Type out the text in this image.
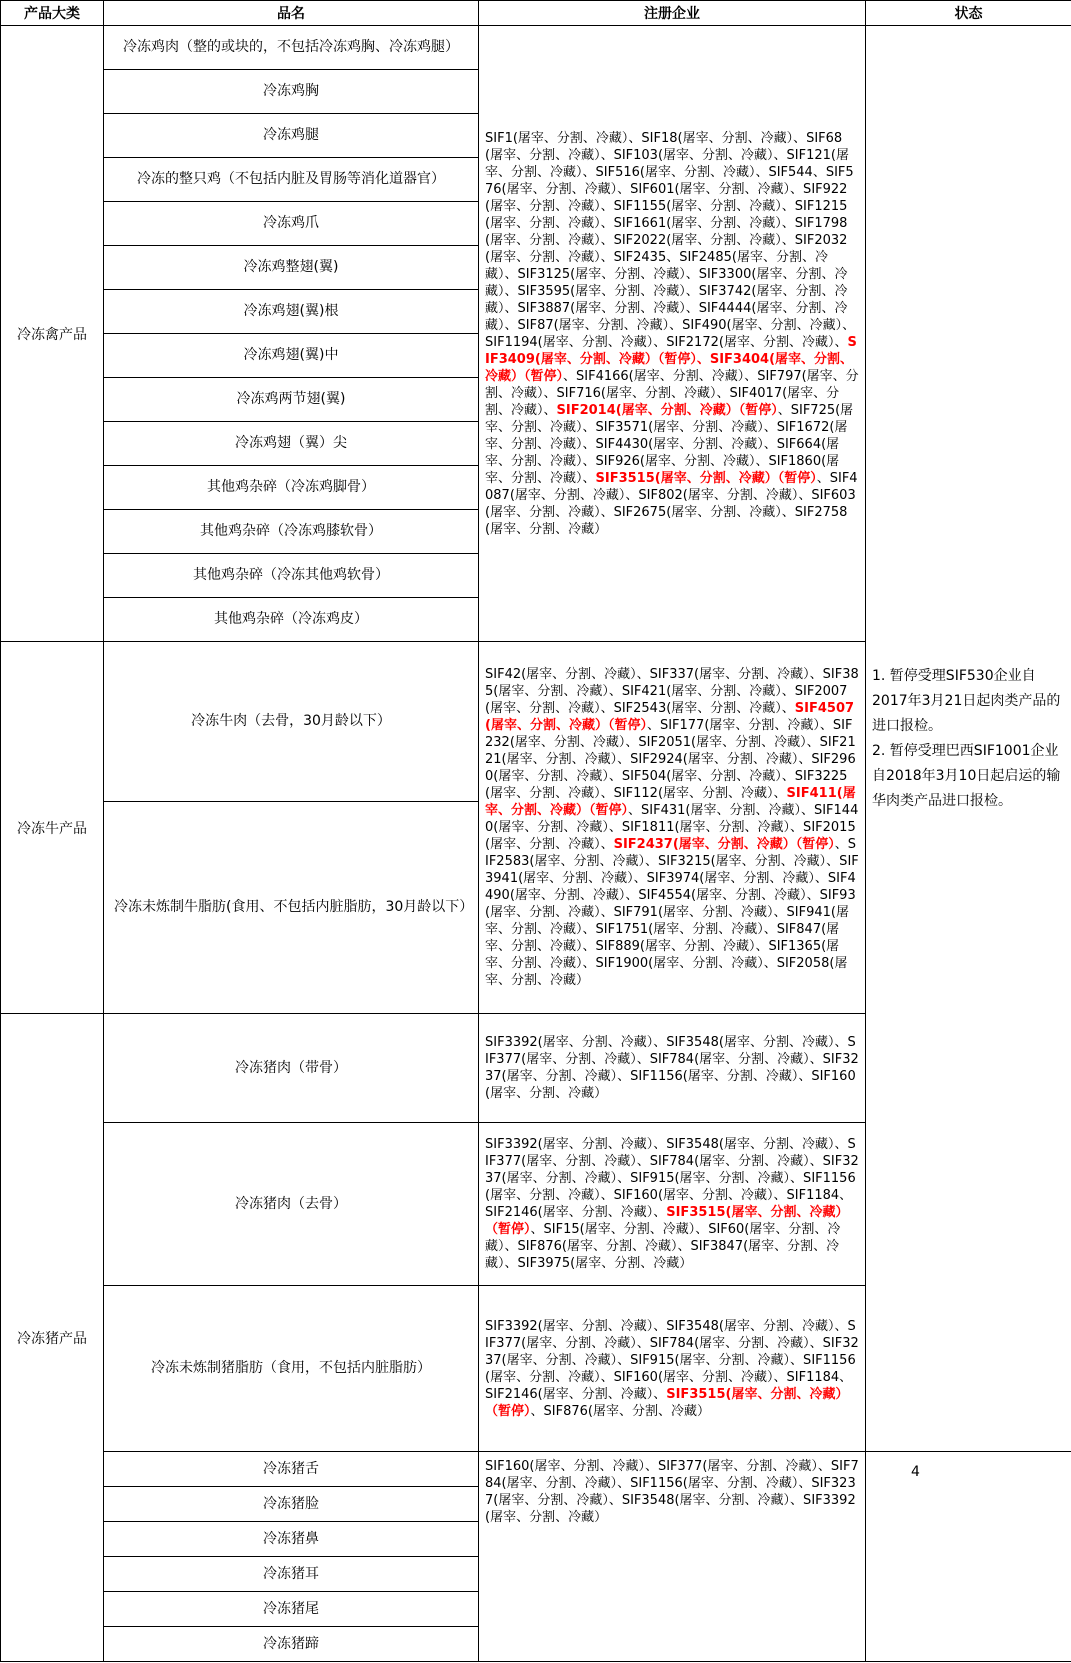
产品大类	品名	注册企业	状态
冷冻禽产品	冷冻鸡肉（整的或块的，不包括冷冻鸡胸、冷冻鸡腿）	SIF1(屠宰、分割、冷藏）、SIF18(屠宰、分割、冷藏）、SIF68(屠宰、分割、冷藏）、SIF103(屠宰、分割、冷藏）、SIF121(屠宰、分割、冷藏）、SIF516(屠宰、分割、冷藏）、SIF544、SIF576(屠宰、分割、冷藏）、SIF601(屠宰、分割、冷藏）、SIF922(屠宰、分割、冷藏）、SIF1155(屠宰、分割、冷藏）、SIF1215(屠宰、分割、冷藏）、SIF1661(屠宰、分割、冷藏）、SIF1798(屠宰、分割、冷藏）、SIF2022(屠宰、分割、冷藏）、SIF2032(屠宰、分割、冷藏）、SIF2435、SIF2485(屠宰、分割、冷藏）、SIF3125(屠宰、分割、冷藏）、SIF3300(屠宰、分割、冷藏）、SIF3595(屠宰、分割、冷藏）、SIF3742(屠宰、分割、冷藏）、SIF3887(屠宰、分割、冷藏）、SIF4444(屠宰、分割、冷藏）、SIF87(屠宰、分割、冷藏）、SIF490(屠宰、分割、冷藏）、SIF1194(屠宰、分割、冷藏）、SIF2172(屠宰、分割、冷藏）、SIF3409(屠宰、分割、冷藏）（暂停）、SIF3404(屠宰、分割、冷藏）（暂停）、SIF4166(屠宰、分割、冷藏）、SIF797(屠宰、分割、冷藏）、SIF716(屠宰、分割、冷藏）、SIF4017(屠宰、分割、冷藏）、SIF2014(屠宰、分割、冷藏）（暂停）、SIF725(屠宰、分割、冷藏）、SIF3571(屠宰、分割、冷藏）、SIF1672(屠宰、分割、冷藏）、SIF4430(屠宰、分割、冷藏）、SIF664(屠宰、分割、冷藏）、SIF926(屠宰、分割、冷藏）、SIF1860(屠宰、分割、冷藏）、SIF3515(屠宰、分割、冷藏）（暂停）、SIF4087(屠宰、分割、冷藏）、SIF802(屠宰、分割、冷藏）、SIF603(屠宰、分割、冷藏）、SIF2675(屠宰、分割、冷藏）、SIF2758(屠宰、分割、冷藏）	1. 暂停受理SIF530企业自2017年3月21日起肉类产品的进口报检。
2. 暂停受理巴西SIF1001企业自2018年3月10日起启运的输华肉类产品进口报检。

	冷冻鸡胸		
	冷冻鸡腿		
	冷冻的整只鸡（不包括内脏及胃肠等消化道器官）		
	冷冻鸡爪		
	冷冻鸡整翅(翼)		
	冷冻鸡翅(翼)根		
	冷冻鸡翅(翼)中		
	冷冻鸡两节翅(翼)		
	冷冻鸡翅（翼）尖		
	其他鸡杂碎（冷冻鸡脚骨）		
	其他鸡杂碎（冷冻鸡膝软骨）		
	其他鸡杂碎（冷冻其他鸡软骨）		
	其他鸡杂碎（冷冻鸡皮）		
冷冻牛产品	冷冻牛肉（去骨，30月龄以下）	SIF42(屠宰、分割、冷藏）、SIF337(屠宰、分割、冷藏）、SIF385(屠宰、分割、冷藏）、SIF421(屠宰、分割、冷藏）、SIF2007(屠宰、分割、冷藏）、SIF2543(屠宰、分割、冷藏）、SIF4507(屠宰、分割、冷藏）（暂停）、SIF177(屠宰、分割、冷藏）、SIF232(屠宰、分割、冷藏）、SIF2051(屠宰、分割、冷藏）、SIF2121(屠宰、分割、冷藏）、SIF2924(屠宰、分割、冷藏）、SIF2960(屠宰、分割、冷藏）、SIF504(屠宰、分割、冷藏）、SIF3225(屠宰、分割、冷藏）、SIF112(屠宰、分割、冷藏）、SIF411(屠宰、分割、冷藏）（暂停）、SIF431(屠宰、分割、冷藏）、SIF1440(屠宰、分割、冷藏）、SIF1811(屠宰、分割、冷藏）、SIF2015(屠宰、分割、冷藏）、SIF2437(屠宰、分割、冷藏）（暂停）、SIF2583(屠宰、分割、冷藏）、SIF3215(屠宰、分割、冷藏）、SIF3941(屠宰、分割、冷藏）、SIF3974(屠宰、分割、冷藏）、SIF4490(屠宰、分割、冷藏）、SIF4554(屠宰、分割、冷藏）、SIF93(屠宰、分割、冷藏）、SIF791(屠宰、分割、冷藏）、SIF941(屠宰、分割、冷藏）、SIF1751(屠宰、分割、冷藏）、SIF847(屠宰、分割、冷藏）、SIF889(屠宰、分割、冷藏）、SIF1365(屠宰、分割、冷藏）、SIF1900(屠宰、分割、冷藏）、SIF2058(屠宰、分割、冷藏）	
	冷冻未炼制牛脂肪(食用、不包括内脏脂肪，30月龄以下）		
冷冻猪产品	冷冻猪肉（带骨）	SIF3392(屠宰、分割、冷藏）、SIF3548(屠宰、分割、冷藏）、SIF377(屠宰、分割、冷藏）、SIF784(屠宰、分割、冷藏）、SIF3237(屠宰、分割、冷藏）、SIF1156(屠宰、分割、冷藏）、SIF160(屠宰、分割、冷藏）	
	冷冻猪肉（去骨）	SIF3392(屠宰、分割、冷藏）、SIF3548(屠宰、分割、冷藏）、SIF377(屠宰、分割、冷藏）、SIF784(屠宰、分割、冷藏）、SIF3237(屠宰、分割、冷藏）、SIF915(屠宰、分割、冷藏）、SIF1156(屠宰、分割、冷藏）、SIF160(屠宰、分割、冷藏）、SIF1184、SIF2146(屠宰、分割、冷藏）、SIF3515(屠宰、分割、冷藏）（暂停）、SIF15(屠宰、分割、冷藏）、SIF60(屠宰、分割、冷藏）、SIF876(屠宰、分割、冷藏）、SIF3847(屠宰、分割、冷藏）、SIF3975(屠宰、分割、冷藏）	
	冷冻未炼制猪脂肪（食用，不包括内脏脂肪）	SIF3392(屠宰、分割、冷藏）、SIF3548(屠宰、分割、冷藏）、SIF377(屠宰、分割、冷藏）、SIF784(屠宰、分割、冷藏）、SIF3237(屠宰、分割、冷藏）、SIF915(屠宰、分割、冷藏）、SIF1156(屠宰、分割、冷藏）、SIF160(屠宰、分割、冷藏）、SIF1184、SIF2146(屠宰、分割、冷藏）、SIF3515(屠宰、分割、冷藏）（暂停）、SIF876(屠宰、分割、冷藏）	
	冷冻猪舌	SIF160(屠宰、分割、冷藏）、SIF377(屠宰、分割、冷藏）、SIF784(屠宰、分割、冷藏）、SIF1156(屠宰、分割、冷藏）、SIF3237(屠宰、分割、冷藏）、SIF3548(屠宰、分割、冷藏）、SIF3392(屠宰、分割、冷藏）	4
	冷冻猪脸		
	冷冻猪鼻		
	冷冻猪耳		
	冷冻猪尾		
	冷冻猪蹄		
